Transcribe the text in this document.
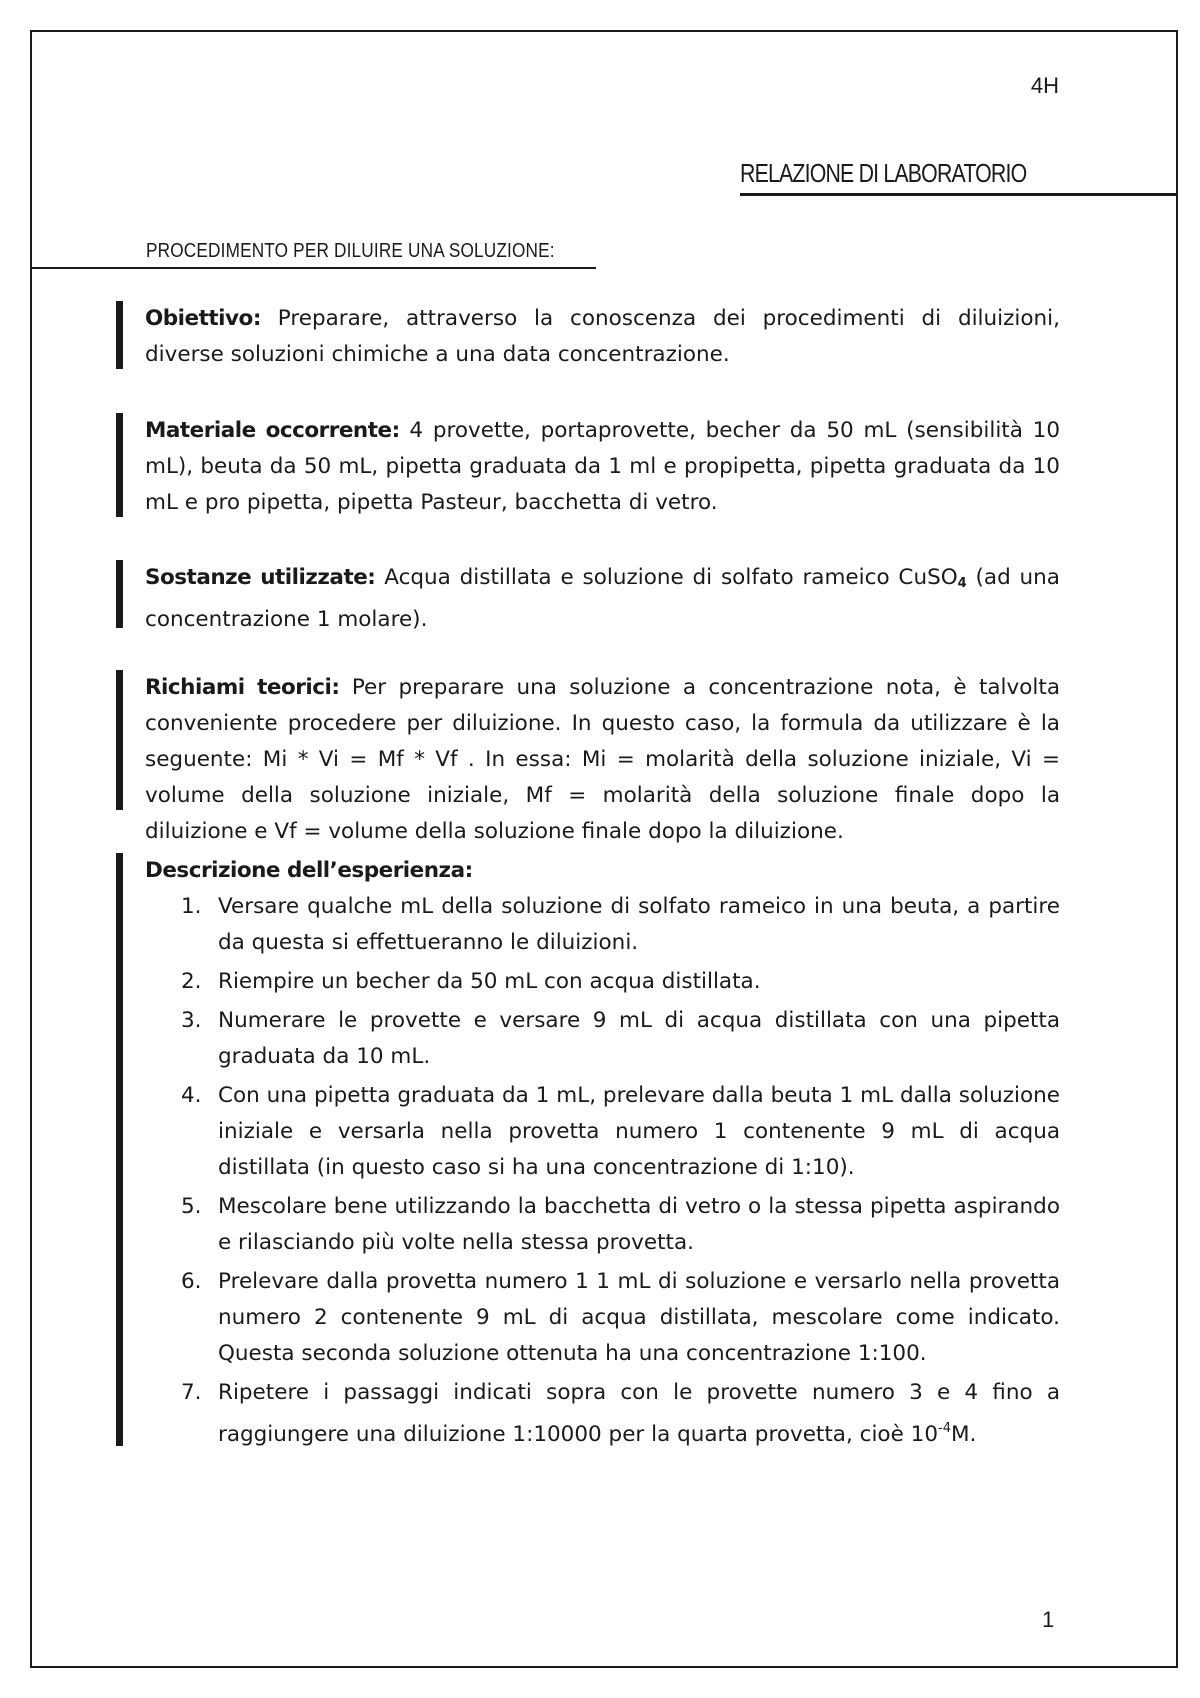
4H
RELAZIONE DI LABORATORIO
PROCEDIMENTO PER DILUIRE UNA SOLUZIONE:
Obiettivo: Preparare, attraverso la conoscenza dei procedimenti di diluizioni, diverse soluzioni chimiche a una data concentrazione.
Materiale occorrente: 4 provette, portaprovette, becher da 50 mL (sensibilità 10 mL), beuta da 50 mL, pipetta graduata da 1 ml e propipetta, pipetta graduata da 10 mL e pro pipetta, pipetta Pasteur, bacchetta di vetro.
Sostanze utilizzate: Acqua distillata e soluzione di solfato rameico CuSO$_4$ (ad una concentrazione 1 molare).
Richiami teorici: Per preparare una soluzione a concentrazione nota, è talvolta conveniente procedere per diluizione. In questo caso, la formula da utilizzare è la seguente: Mi * Vi = Mf * Vf . In essa: Mi = molarità della soluzione iniziale, Vi = volume della soluzione iniziale, Mf = molarità della soluzione finale dopo la diluizione e Vf = volume della soluzione finale dopo la diluizione.
Descrizione dell’esperienza:
1. Versare qualche mL della soluzione di solfato rameico in una beuta, a partire da questa si effettueranno le diluizioni.
2. Riempire un becher da 50 mL con acqua distillata.
3. Numerare le provette e versare 9 mL di acqua distillata con una pipetta graduata da 10 mL.
4. Con una pipetta graduata da 1 mL, prelevare dalla beuta 1 mL dalla soluzione iniziale e versarla nella provetta numero 1 contenente 9 mL di acqua distillata (in questo caso si ha una concentrazione di 1:10).
5. Mescolare bene utilizzando la bacchetta di vetro o la stessa pipetta aspirando e rilasciando più volte nella stessa provetta.
6. Prelevare dalla provetta numero 1 1 mL di soluzione e versarlo nella provetta numero 2 contenente 9 mL di acqua distillata, mescolare come indicato. Questa seconda soluzione ottenuta ha una concentrazione 1:100.
7. Ripetere i passaggi indicati sopra con le provette numero 3 e 4 fino a raggiungere una diluizione 1:10000 per la quarta provetta, cioè $10^{-4}M$.
1
